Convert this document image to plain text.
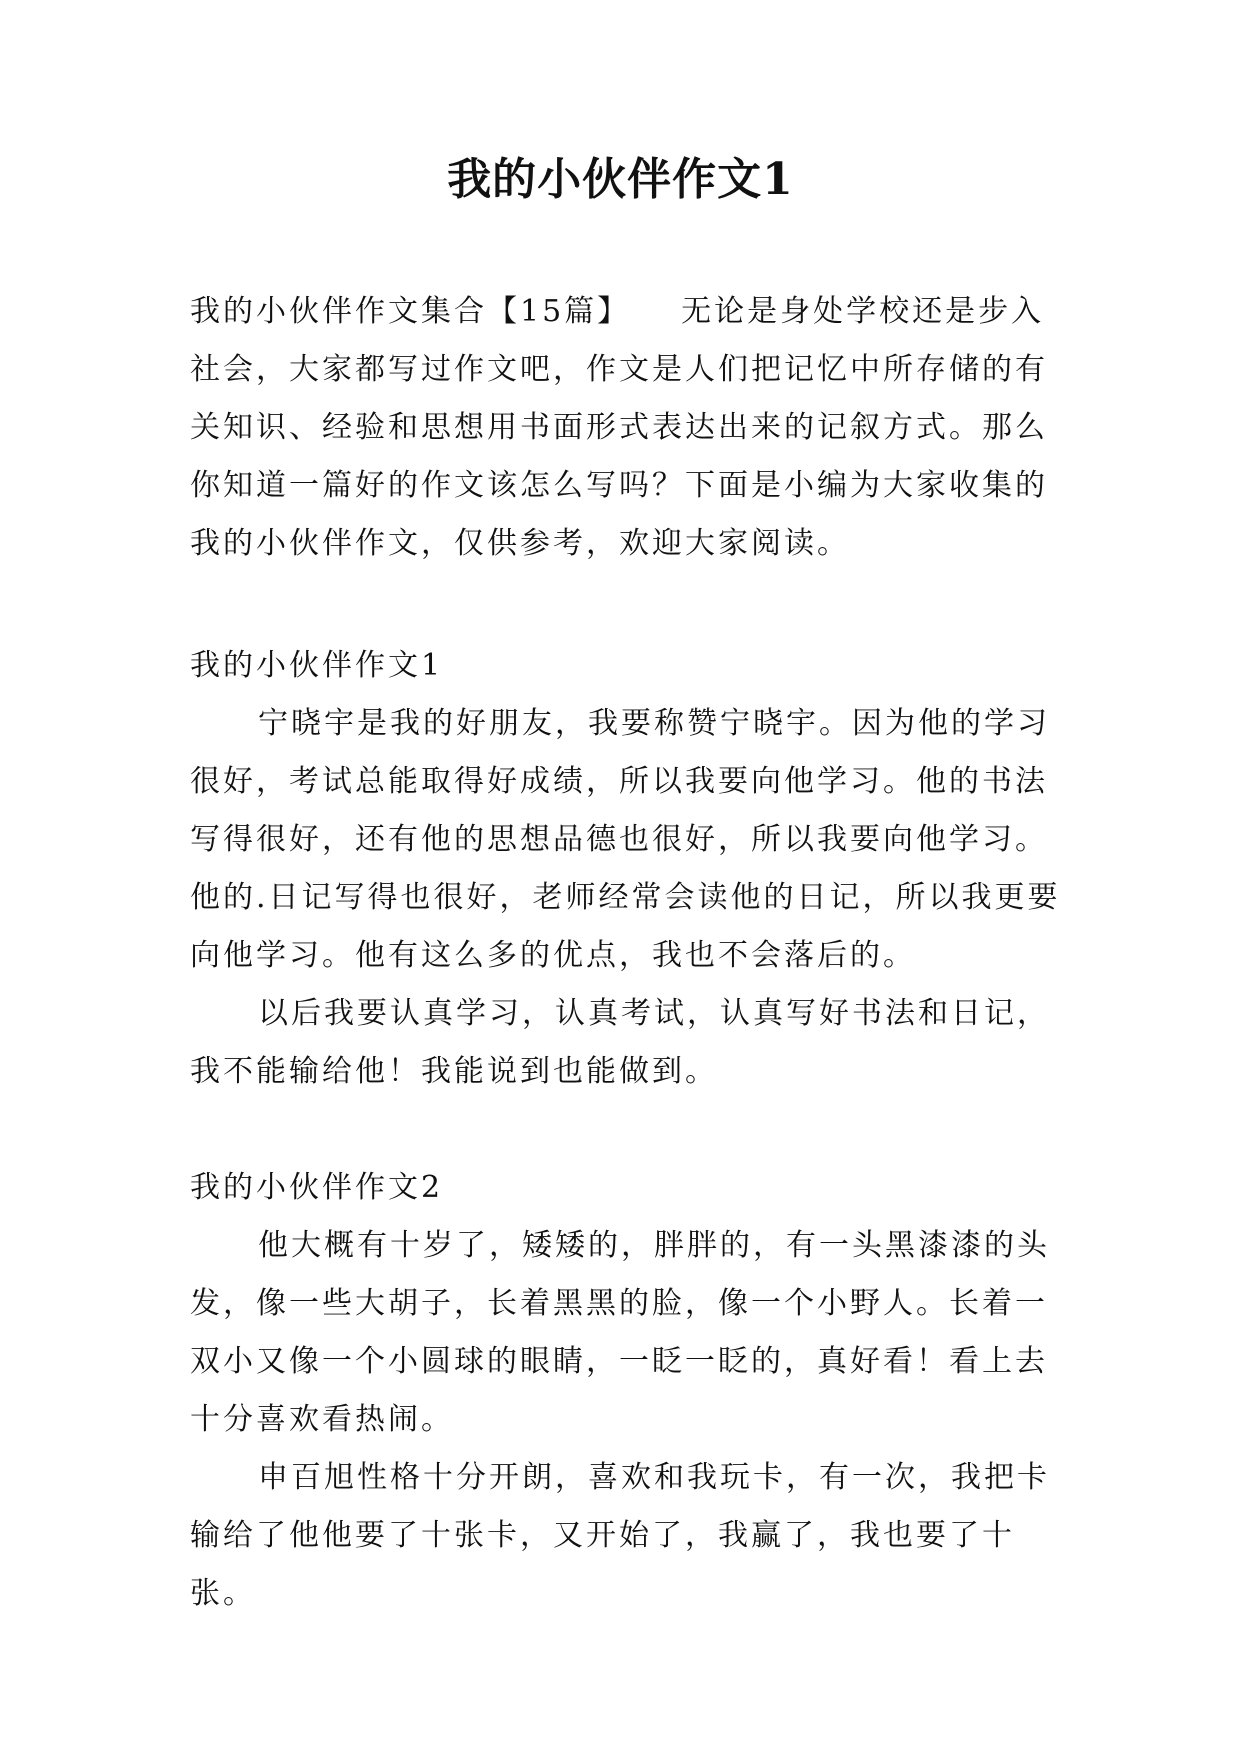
我的小伙伴作文1

我的小伙伴作文集合【15篇】　　无论是身处学校还是步入社会，大家都写过作文吧，作文是人们把记忆中所存储的有关知识、经验和思想用书面形式表达出来的记叙方式。那么你知道一篇好的作文该怎么写吗？下面是小编为大家收集的我的小伙伴作文，仅供参考，欢迎大家阅读。

我的小伙伴作文1

宁晓宇是我的好朋友，我要称赞宁晓宇。因为他的学习很好，考试总能取得好成绩，所以我要向他学习。他的书法写得很好，还有他的思想品德也很好，所以我要向他学习。他的.日记写得也很好，老师经常会读他的日记，所以我更要向他学习。他有这么多的优点，我也不会落后的。

以后我要认真学习，认真考试，认真写好书法和日记，我不能输给他！我能说到也能做到。

我的小伙伴作文2

他大概有十岁了，矮矮的，胖胖的，有一头黑漆漆的头发，像一些大胡子，长着黑黑的脸，像一个小野人。长着一双小又像一个小圆球的眼睛，一眨一眨的，真好看！看上去十分喜欢看热闹。

申百旭性格十分开朗，喜欢和我玩卡，有一次，我把卡输给了他他要了十张卡，又开始了，我赢了，我也要了十张。
